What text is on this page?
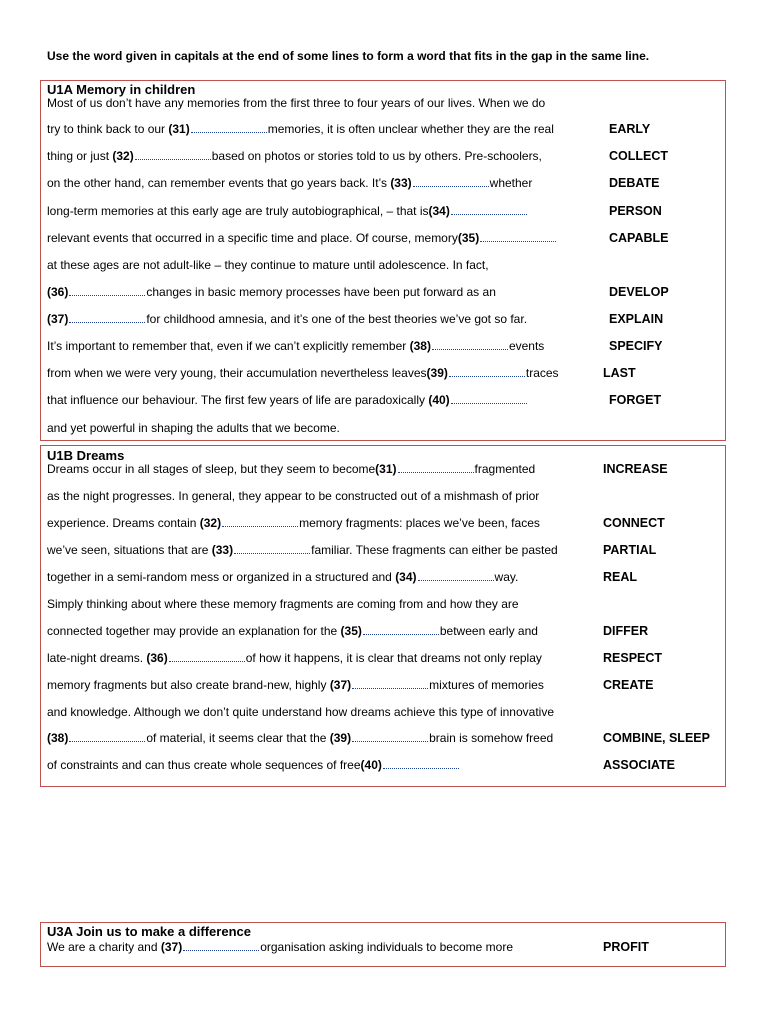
Use the word given in capitals at the end of some lines to form a word that fits in the gap in the same line.
U1A Memory in children
Most of us don’t have any memories from the first three to four years of our lives. When we do
try to think back to our (31)	memories, it is often unclear whether they are the real	EARLY
thing or just (32)	based on photos or stories told to us by others. Pre-schoolers,	COLLECT
on the other hand, can remember events that go years back. It’s (33)	whether	DEBATE
long-term memories at this early age are truly autobiographical, – that is(34)	PERSON
relevant events that occurred in a specific time and place. Of course, memory(35)	CAPABLE
at these ages are not adult-like – they continue to mature until adolescence. In fact,
(36)	changes in basic memory processes have been put forward as an	DEVELOP
(37)	for childhood amnesia, and it’s one of the best theories we’ve got so far.	EXPLAIN
It’s important to remember that, even if we can’t explicitly remember (38)	events	SPECIFY
from when we were very young, their accumulation nevertheless leaves(39)	traces	LAST
that influence our behaviour. The first few years of life are paradoxically (40)	FORGET
and yet powerful in shaping the adults that we become.
U1B Dreams
Dreams occur in all stages of sleep, but they seem to become(31)	fragmented	INCREASE
as the night progresses. In general, they appear to be constructed out of a mishmash of prior
experience. Dreams contain (32)	memory fragments: places we’ve been, faces	CONNECT
we’ve seen, situations that are (33)	familiar. These fragments can either be pasted	PARTIAL
together in a semi-random mess or organized in a structured and (34)	way.	REAL
Simply thinking about where these memory fragments are coming from and how they are
connected together may provide an explanation for the (35)	between early and	DIFFER
late-night dreams. (36)	of how it happens, it is clear that dreams not only replay	RESPECT
memory fragments but also create brand-new, highly (37)	mixtures of memories	CREATE
and knowledge. Although we don’t quite understand how dreams achieve this type of innovative
(38)	of material, it seems clear that the (39)	brain is somehow freed	COMBINE, SLEEP
of constraints and can thus create whole sequences of free(40)	ASSOCIATE
U3A Join us to make a difference
We are a charity and (37)	organisation asking individuals to become more	PROFIT
